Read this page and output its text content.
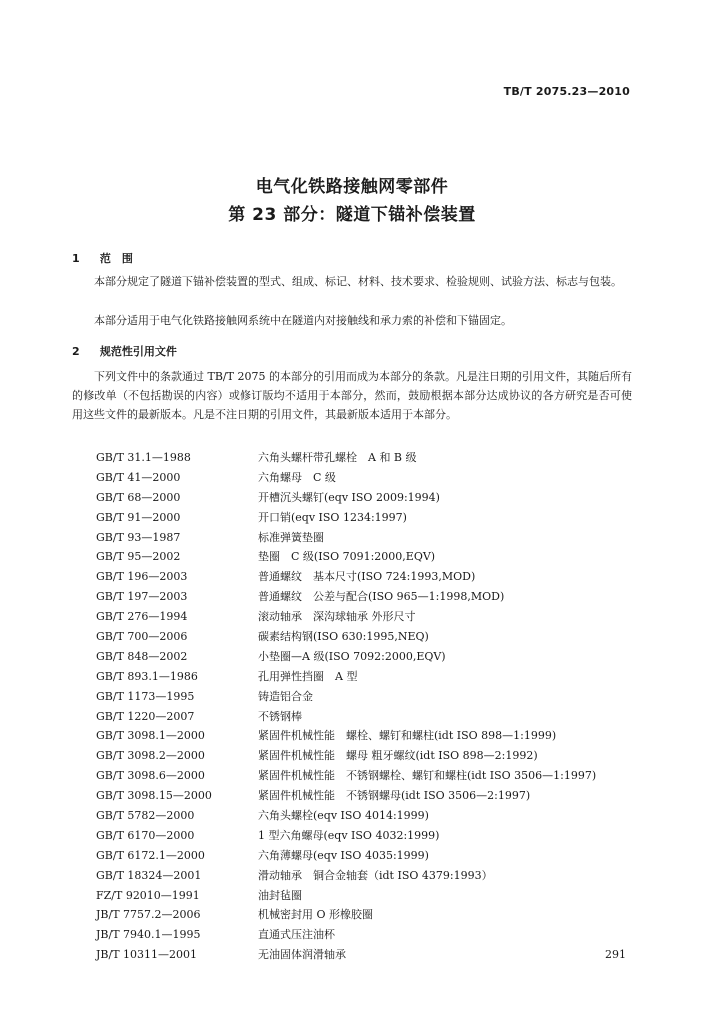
TB/T 2075.23—2010
电气化铁路接触网零部件
第 23 部分：隧道下锚补偿装置
1 范　围
本部分规定了隧道下锚补偿装置的型式、组成、标记、材料、技术要求、检验规则、试验方法、标志与包装。
本部分适用于电气化铁路接触网系统中在隧道内对接触线和承力索的补偿和下锚固定。
2 规范性引用文件
下列文件中的条款通过 TB/T 2075 的本部分的引用而成为本部分的条款。凡是注日期的引用文件，其随后所有的修改单（不包括勘误的内容）或修订版均不适用于本部分，然而，鼓励根据本部分达成协议的各方研究是否可使用这些文件的最新版本。凡是不注日期的引用文件，其最新版本适用于本部分。
GB/T 31.1—1988	六角头螺杆带孔螺栓　A 和 B 级
GB/T 41—2000	六角螺母　C 级
GB/T 68—2000	开槽沉头螺钉(eqv ISO 2009:1994)
GB/T 91—2000	开口销(eqv ISO 1234:1997)
GB/T 93—1987	标准弹簧垫圈
GB/T 95—2002	垫圈　C 级(ISO 7091:2000,EQV)
GB/T 196—2003	普通螺纹　基本尺寸(ISO 724:1993,MOD)
GB/T 197—2003	普通螺纹　公差与配合(ISO 965—1:1998,MOD)
GB/T 276—1994	滚动轴承　深沟球轴承 外形尺寸
GB/T 700—2006	碳素结构钢(ISO 630:1995,NEQ)
GB/T 848—2002	小垫圈—A 级(ISO 7092:2000,EQV)
GB/T 893.1—1986	孔用弹性挡圈　A 型
GB/T 1173—1995	铸造铝合金
GB/T 1220—2007	不锈钢棒
GB/T 3098.1—2000	紧固件机械性能　螺栓、螺钉和螺柱(idt ISO 898—1:1999)
GB/T 3098.2—2000	紧固件机械性能　螺母 粗牙螺纹(idt ISO 898—2:1992)
GB/T 3098.6—2000	紧固件机械性能　不锈钢螺栓、螺钉和螺柱(idt ISO 3506—1:1997)
GB/T 3098.15—2000	紧固件机械性能　不锈钢螺母(idt ISO 3506—2:1997)
GB/T 5782—2000	六角头螺栓(eqv ISO 4014:1999)
GB/T 6170—2000	1 型六角螺母(eqv ISO 4032:1999)
GB/T 6172.1—2000	六角薄螺母(eqv ISO 4035:1999)
GB/T 18324—2001	滑动轴承　铜合金轴套（idt ISO 4379:1993）
FZ/T 92010—1991	油封毡圈
JB/T 7757.2—2006	机械密封用 O 形橡胶圈
JB/T 7940.1—1995	直通式压注油杯
JB/T 10311—2001	无油固体润滑轴承	291
